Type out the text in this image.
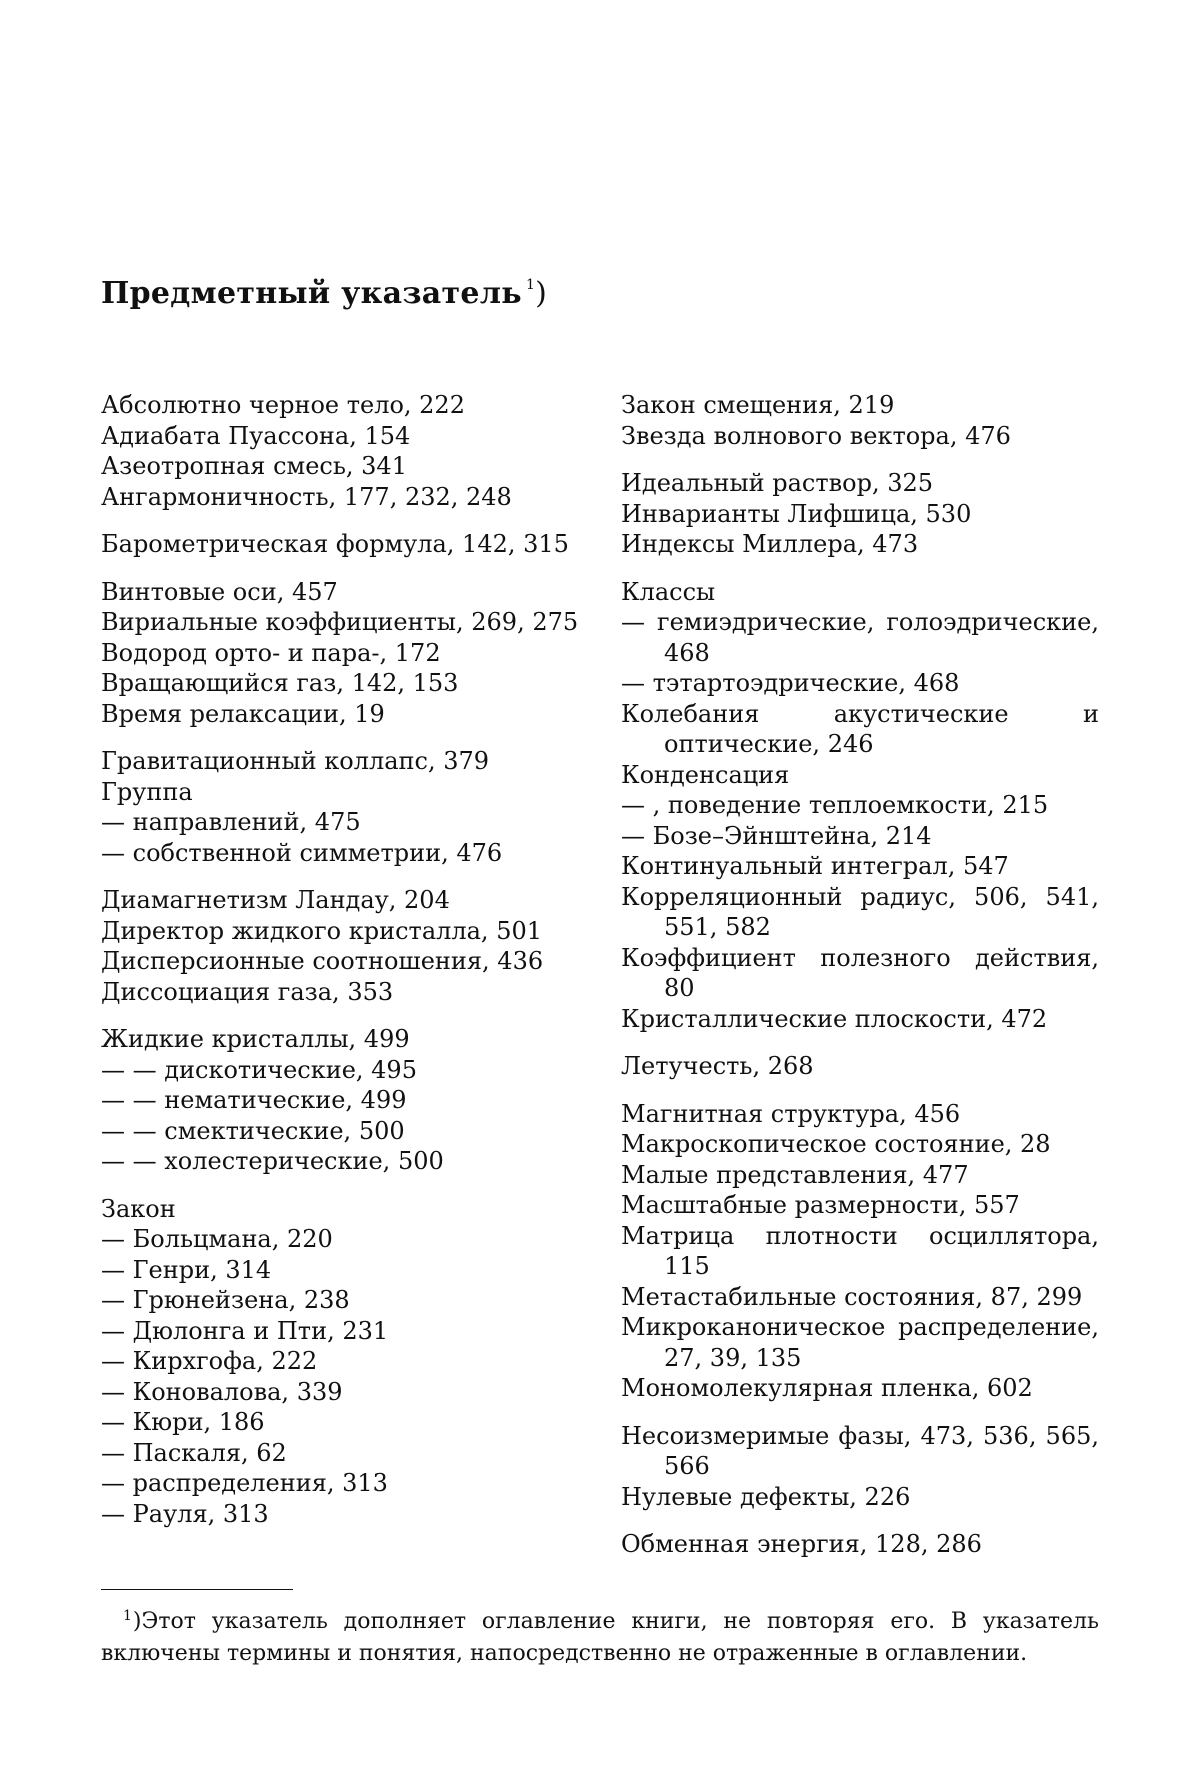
Предметный указатель $^1$)
Абсолютно черное тело, 222
Адиабата Пуассона, 154
Азеотропная смесь, 341
Ангармоничность, 177, 232, 248
Барометрическая формула, 142, 315
Винтовые оси, 457
Вириальные коэффициенты, 269, 275
Водород орто- и пара-, 172
Вращающийся газ, 142, 153
Время релаксации, 19
Гравитационный коллапс, 379
Группа
— направлений, 475
— собственной симметрии, 476
Диамагнетизм Ландау, 204
Директор жидкого кристалла, 501
Дисперсионные соотношения, 436
Диссоциация газа, 353
Жидкие кристаллы, 499
— — дискотические, 495
— — нематические, 499
— — смектические, 500
— — холестерические, 500
Закон
— Больцмана, 220
— Генри, 314
— Грюнейзена, 238
— Дюлонга и Пти, 231
— Кирхгофа, 222
— Коновалова, 339
— Кюри, 186
— Паскаля, 62
— распределения, 313
— Рауля, 313
Закон смещения, 219
Звезда волнового вектора, 476
Идеальный раствор, 325
Инварианты Лифшица, 530
Индексы Миллера, 473
Классы
— гемиэдрические, голоэдрические, 468
— тэтартоэдрические, 468
Колебания акустические и оптические, 246
Конденсация
— , поведение теплоемкости, 215
— Бозе–Эйнштейна, 214
Континуальный интеграл, 547
Корреляционный радиус, 506, 541, 551, 582
Коэффициент полезного действия, 80
Кристаллические плоскости, 472
Летучесть, 268
Магнитная структура, 456
Макроскопическое состояние, 28
Малые представления, 477
Масштабные размерности, 557
Матрица плотности осциллятора, 115
Метастабильные состояния, 87, 299
Микроканоническое распределение, 27, 39, 135
Мономолекулярная пленка, 602
Несоизмеримые фазы, 473, 536, 565, 566
Нулевые дефекты, 226
Обменная энергия, 128, 286
$^1$)Этот указатель дополняет оглавление книги, не повторяя его. В указатель включены термины и понятия, напосредственно не отраженные в оглавлении.
